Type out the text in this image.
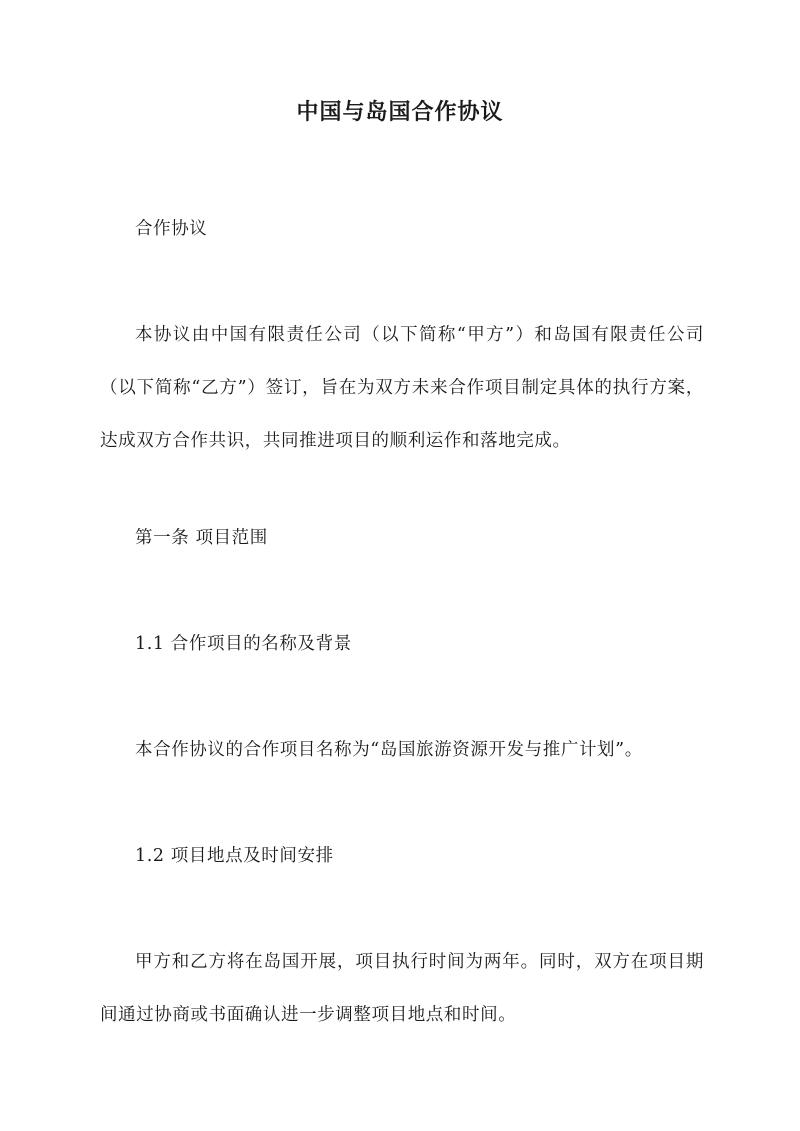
中国与岛国合作协议

合作协议

本协议由中国有限责任公司（以下简称“甲方”）和岛国有限责任公司（以下简称“乙方”）签订，旨在为双方未来合作项目制定具体的执行方案，达成双方合作共识，共同推进项目的顺利运作和落地完成。

第一条 项目范围

1.1 合作项目的名称及背景

本合作协议的合作项目名称为“岛国旅游资源开发与推广计划”。

1.2 项目地点及时间安排

甲方和乙方将在岛国开展，项目执行时间为两年。同时，双方在项目期间通过协商或书面确认进一步调整项目地点和时间。
